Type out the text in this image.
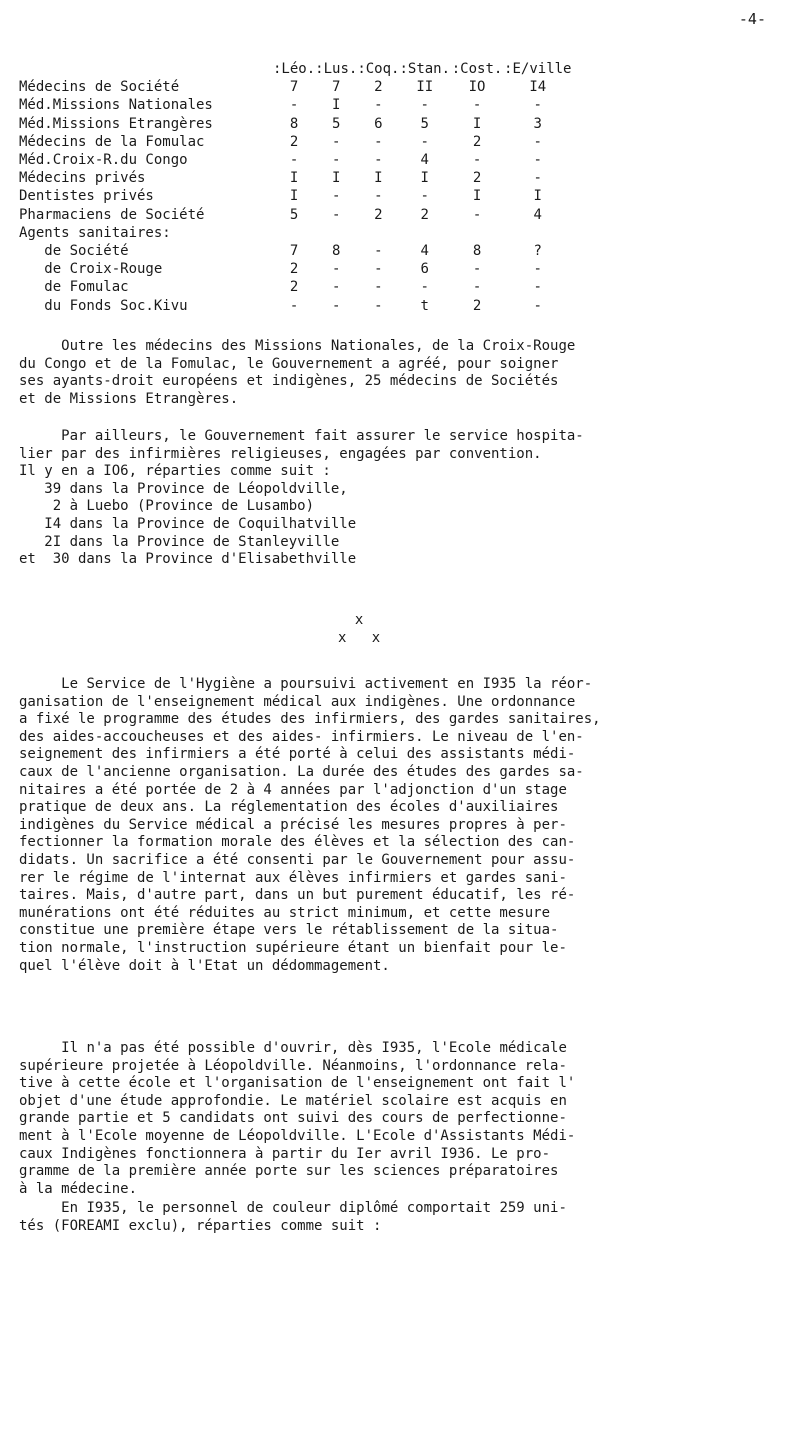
-4-
	:Léo.	:Lus.	:Coq.	:Stan.	:Cost.	:E/ville
Médecins de Société	7	7	2	II	IO	I4
Méd.Missions Nationales	-	I	-	-	-	-
Méd.Missions Etrangères	8	5	6	5	I	3
Médecins de la Fomulac	2	-	-	-	2	-
Méd.Croix-R.du Congo	-	-	-	4	-	-
Médecins privés	I	I	I	I	2	-
Dentistes privés	I	-	-	-	I	I
Pharmaciens de Société	5	-	2	2	-	4
Agents sanitaires:						
de Société	7	8	-	4	8	?
de Croix-Rouge	2	-	-	6	-	-
de Fomulac	2	-	-	-	-	-
du Fonds Soc.Kivu	-	-	-	t	2	-
Outre les médecins des Missions Nationales, de la Croix-Rouge
du Congo et de la Fomulac, le Gouvernement a agréé, pour soigner
ses ayants-droit européens et indigènes, 25 médecins de Sociétés
et de Missions Etrangères.
Par ailleurs, le Gouvernement fait assurer le service hospita-
lier par des infirmières religieuses, engagées par convention.
Il y en a IO6, réparties comme suit :
39 dans la Province de Léopoldville,
2 à Luebo (Province de Lusambo)
I4 dans la Province de Coquilhatville
2I dans la Province de Stanleyville
et  30 dans la Province d'Elisabethville
x
x   x
Le Service de l'Hygiène a poursuivi activement en I935 la réor-
ganisation de l'enseignement médical aux indigènes. Une ordonnance
a fixé le programme des études des infirmiers, des gardes sanitaires,
des aides-accoucheuses et des aides- infirmiers. Le niveau de l'en-
seignement des infirmiers a été porté à celui des assistants médi-
caux de l'ancienne organisation. La durée des études des gardes sa-
nitaires a été portée de 2 à 4 années par l'adjonction d'un stage
pratique de deux ans. La réglementation des écoles d'auxiliaires
indigènes du Service médical a précisé les mesures propres à per-
fectionner la formation morale des élèves et la sélection des can-
didats. Un sacrifice a été consenti par le Gouvernement pour assu-
rer le régime de l'internat aux élèves infirmiers et gardes sani-
taires. Mais, d'autre part, dans un but purement éducatif, les ré-
munérations ont été réduites au strict minimum, et cette mesure
constitue une première étape vers le rétablissement de la situa-
tion normale, l'instruction supérieure étant un bienfait pour le-
quel l'élève doit à l'Etat un dédommagement.
Il n'a pas été possible d'ouvrir, dès I935, l'Ecole médicale
supérieure projetée à Léopoldville. Néanmoins, l'ordonnance rela-
tive à cette école et l'organisation de l'enseignement ont fait l'
objet d'une étude approfondie. Le matériel scolaire est acquis en
grande partie et 5 candidats ont suivi des cours de perfectionne-
ment à l'Ecole moyenne de Léopoldville. L'Ecole d'Assistants Médi-
caux Indigènes fonctionnera à partir du Ier avril I936. Le pro-
gramme de la première année porte sur les sciences préparatoires
à la médecine.
En I935, le personnel de couleur diplômé comportait 259 uni-
tés (FOREAMI exclu), réparties comme suit :
